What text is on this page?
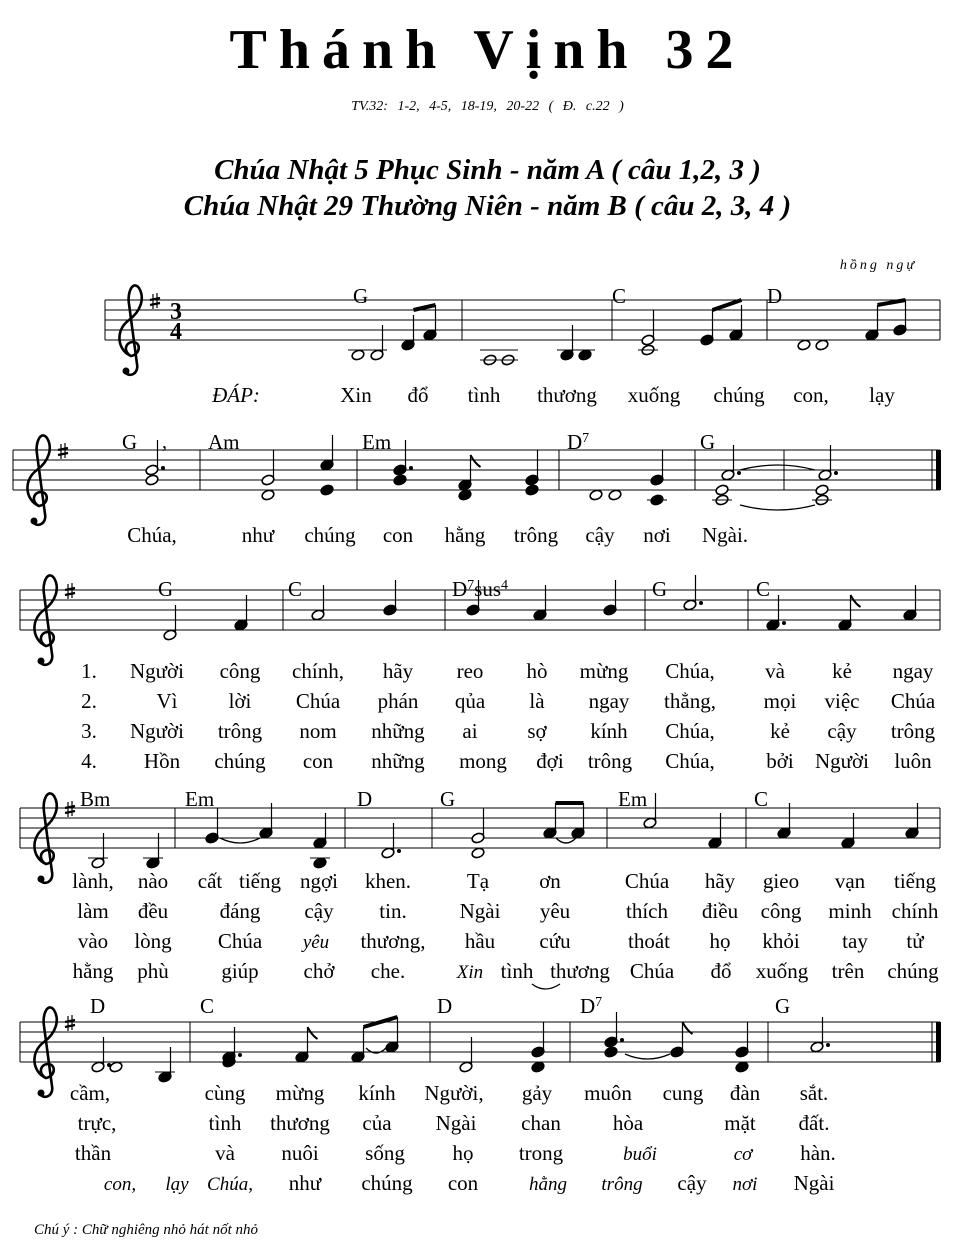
Thánh Vịnh 32
TV.32: 1-2, 4-5, 18-19, 20-22 ( Đ. c.22 )
Chúa Nhật 5 Phục Sinh - năm A ( câu 1,2, 3 )
Chúa Nhật 29 Thường Niên - năm B ( câu 2, 3, 4 )
hồng ngự
3
4
,
G	C	D
G	Am	Em	$D^7$	G
G	C	$D^7sus^4$	G	C
Bm	Em	D	G	Em	C
D	C	D	$D^7$	G
ĐÁP:	Xin đổ tình thương xuống chúng con, lạy
Chúa,	như chúng con hằng trông cậy nơi Ngài.
1. Người công chính, hãy reo hò mừng Chúa, và kẻ ngay
2.	Vì lời Chúa phán qủa là ngay thẳng, mọi việc Chúa
3. Người trông nom những ai sợ kính Chúa,	kẻ cậy trông
4. Hồn chúng con những mong đợi trông Chúa, bởi Người luôn
lành, nào cất tiếng ngợi khen.	Tạ ơn	Chúa hãy gieo vạn tiếng
làm đều đáng cậy tin.	Ngài yêu	thích điều công minh chính
vào lòng Chúa yêu thương, hầu cứu	thoát họ khỏi tay tử
hằng phù	giúp chở che.	Xin tình thương Chúa đổ xuống trên chúng
cầm,	cùng mừng kính Người, gảy muôn cung đàn sắt.
trực,	tình thương của Ngài chan hòa	mặt đất.
thần	và nuôi sống họ trong	buổi	cơ hàn.
con, lạy Chúa, như chúng con	hằng trông cậy nơi Ngài
Chú ý : Chữ nghiêng nhỏ hát nốt nhỏ
